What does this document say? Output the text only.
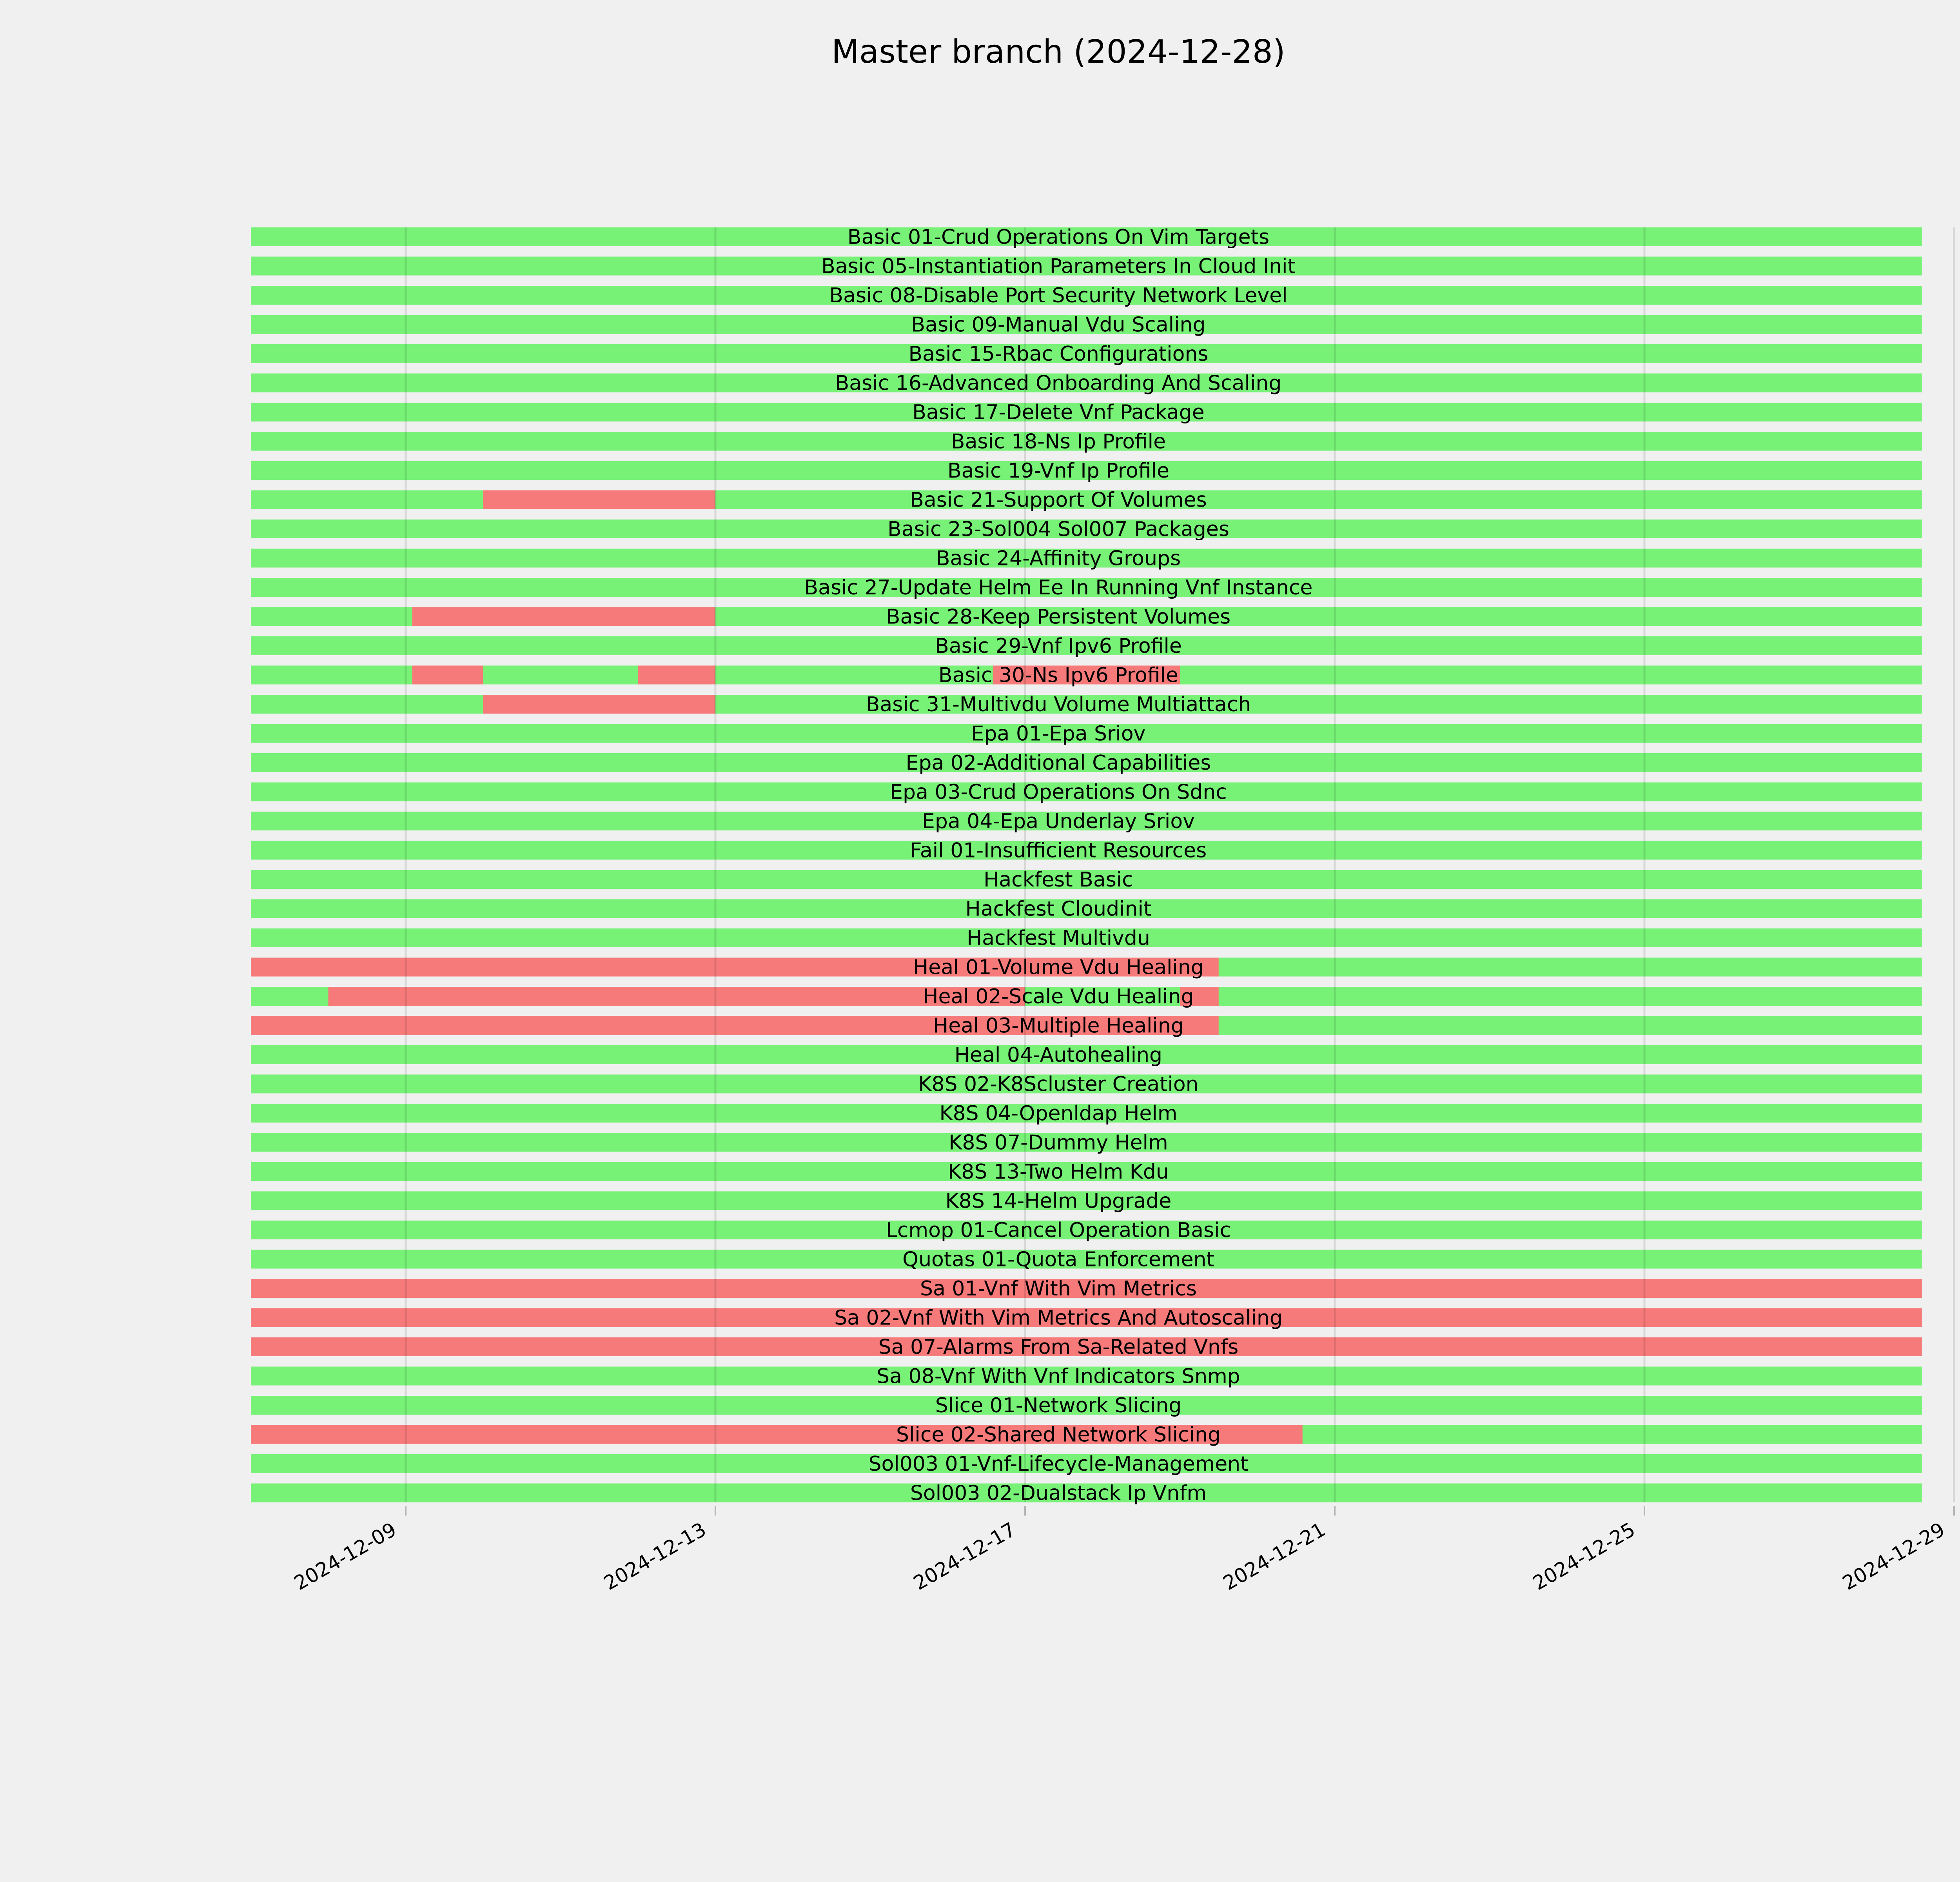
Master branch (2024-12-28)
Basic 01-Crud Operations On Vim Targets
Basic 05-Instantiation Parameters In Cloud Init
Basic 08-Disable Port Security Network Level
Basic 09-Manual Vdu Scaling
Basic 15-Rbac Configurations
Basic 16-Advanced Onboarding And Scaling
Basic 17-Delete Vnf Package
Basic 18-Ns Ip Profile
Basic 19-Vnf Ip Profile
Basic 21-Support Of Volumes
Basic 23-Sol004 Sol007 Packages
Basic 24-Affinity Groups
Basic 27-Update Helm Ee In Running Vnf Instance
Basic 28-Keep Persistent Volumes
Basic 29-Vnf Ipv6 Profile
Basic 30-Ns Ipv6 Profile
Basic 31-Multivdu Volume Multiattach
Epa 01-Epa Sriov
Epa 02-Additional Capabilities
Epa 03-Crud Operations On Sdnc
Epa 04-Epa Underlay Sriov
Fail 01-Insufficient Resources
Hackfest Basic
Hackfest Cloudinit
Hackfest Multivdu
Heal 01-Volume Vdu Healing
Heal 02-Scale Vdu Healing
Heal 03-Multiple Healing
Heal 04-Autohealing
K8S 02-K8Scluster Creation
K8S 04-Openldap Helm
K8S 07-Dummy Helm
K8S 13-Two Helm Kdu
K8S 14-Helm Upgrade
Lcmop 01-Cancel Operation Basic
Quotas 01-Quota Enforcement
Sa 01-Vnf With Vim Metrics
Sa 02-Vnf With Vim Metrics And Autoscaling
Sa 07-Alarms From Sa-Related Vnfs
Sa 08-Vnf With Vnf Indicators Snmp
Slice 01-Network Slicing
Slice 02-Shared Network Slicing
Sol003 01-Vnf-Lifecycle-Management
Sol003 02-Dualstack Ip Vnfm
2024-12-09	2024-12-13	2024-12-17	2024-12-21	2024-12-25	2024-12-29
